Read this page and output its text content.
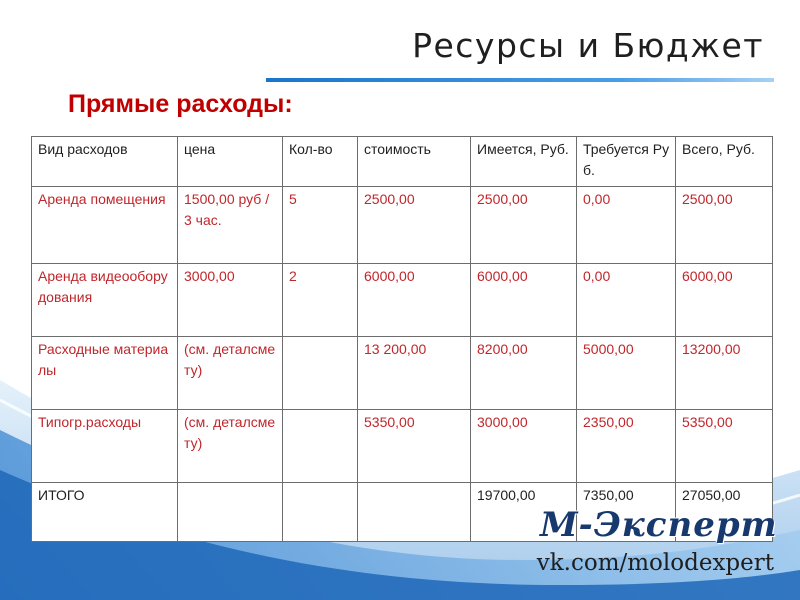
Ресурсы и Бюджет
Прямые расходы:
Вид расходов	цена	Кол-во	стоимость	Имеется, Руб.	Требуется Руб.	Всего, Руб.
Аренда помещения	1500,00 руб / 3 час.	5	2500,00	2500,00	0,00	2500,00
Аренда видеооборудования	3000,00	2	6000,00	6000,00	0,00	6000,00
Расходные материалы	(см. деталсмету)		13 200,00	8200,00	5000,00	13200,00
Типогр.расходы	(см. деталсмету)		5350,00	3000,00	2350,00	5350,00
ИТОГО				19700,00	7350,00	27050,00
М-Эксперт
vk.com/molodexpert
